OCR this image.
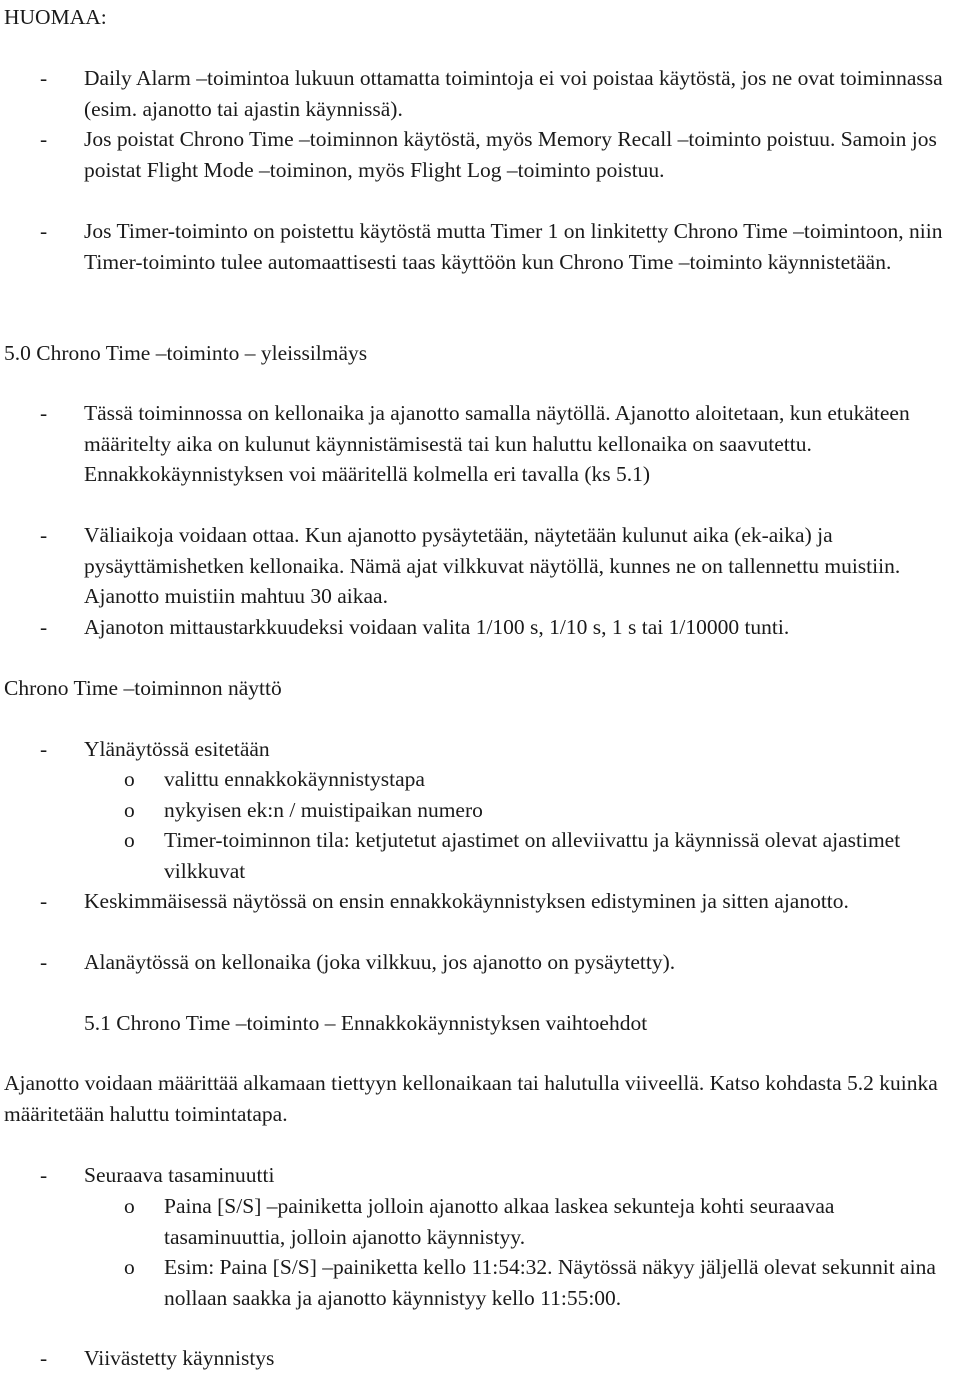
HUOMAA:
- Daily Alarm –toimintoa lukuun ottamatta toimintoja ei voi poistaa käytöstä, jos ne ovat toiminnassa (esim. ajanotto tai ajastin käynnissä).
- Jos poistat Chrono Time –toiminnon käytöstä, myös Memory Recall –toiminto poistuu. Samoin jos poistat Flight Mode –toiminon, myös Flight Log –toiminto poistuu.
- Jos Timer-toiminto on poistettu käytöstä mutta Timer 1 on linkitetty Chrono Time –toimintoon, niin Timer-toiminto tulee automaattisesti taas käyttöön kun Chrono Time –toiminto käynnistetään.
5.0 Chrono Time –toiminto – yleissilmäys
- Tässä toiminnossa on kellonaika ja ajanotto samalla näytöllä. Ajanotto aloitetaan, kun etukäteen määritelty aika on kulunut käynnistämisestä tai kun haluttu kellonaika on saavutettu. Ennakkokäynnistyksen voi määritellä kolmella eri tavalla (ks 5.1)
- Väliaikoja voidaan ottaa. Kun ajanotto pysäytetään, näytetään kulunut aika (ek-aika) ja pysäyttämishetken kellonaika. Nämä ajat vilkkuvat näytöllä, kunnes ne on tallennettu muistiin. Ajanotto muistiin mahtuu 30 aikaa.
- Ajanoton mittaustarkkuudeksi voidaan valita 1/100 s, 1/10 s, 1 s tai 1/10000 tunti.
Chrono Time –toiminnon näyttö
- Ylänäytössä esitetään
o valittu ennakkokäynnistystapa
o nykyisen ek:n / muistipaikan numero
o Timer-toiminnon tila: ketjutetut ajastimet on alleviivattu ja käynnissä olevat ajastimet vilkkuvat
- Keskimmäisessä näytössä on ensin ennakkokäynnistyksen edistyminen ja sitten ajanotto.
- Alanäytössä on kellonaika (joka vilkkuu, jos ajanotto on pysäytetty).
5.1 Chrono Time –toiminto – Ennakkokäynnistyksen vaihtoehdot
Ajanotto voidaan määrittää alkamaan tiettyyn kellonaikaan tai halutulla viiveellä. Katso kohdasta 5.2 kuinka määritetään haluttu toimintatapa.
- Seuraava tasaminuutti
o Paina [S/S] –painiketta jolloin ajanotto alkaa laskea sekunteja kohti seuraavaa tasaminuuttia, jolloin ajanotto käynnistyy.
o Esim: Paina [S/S] –painiketta kello 11:54:32. Näytössä näkyy jäljellä olevat sekunnit aina nollaan saakka ja ajanotto käynnistyy kello 11:55:00.
- Viivästetty käynnistys
